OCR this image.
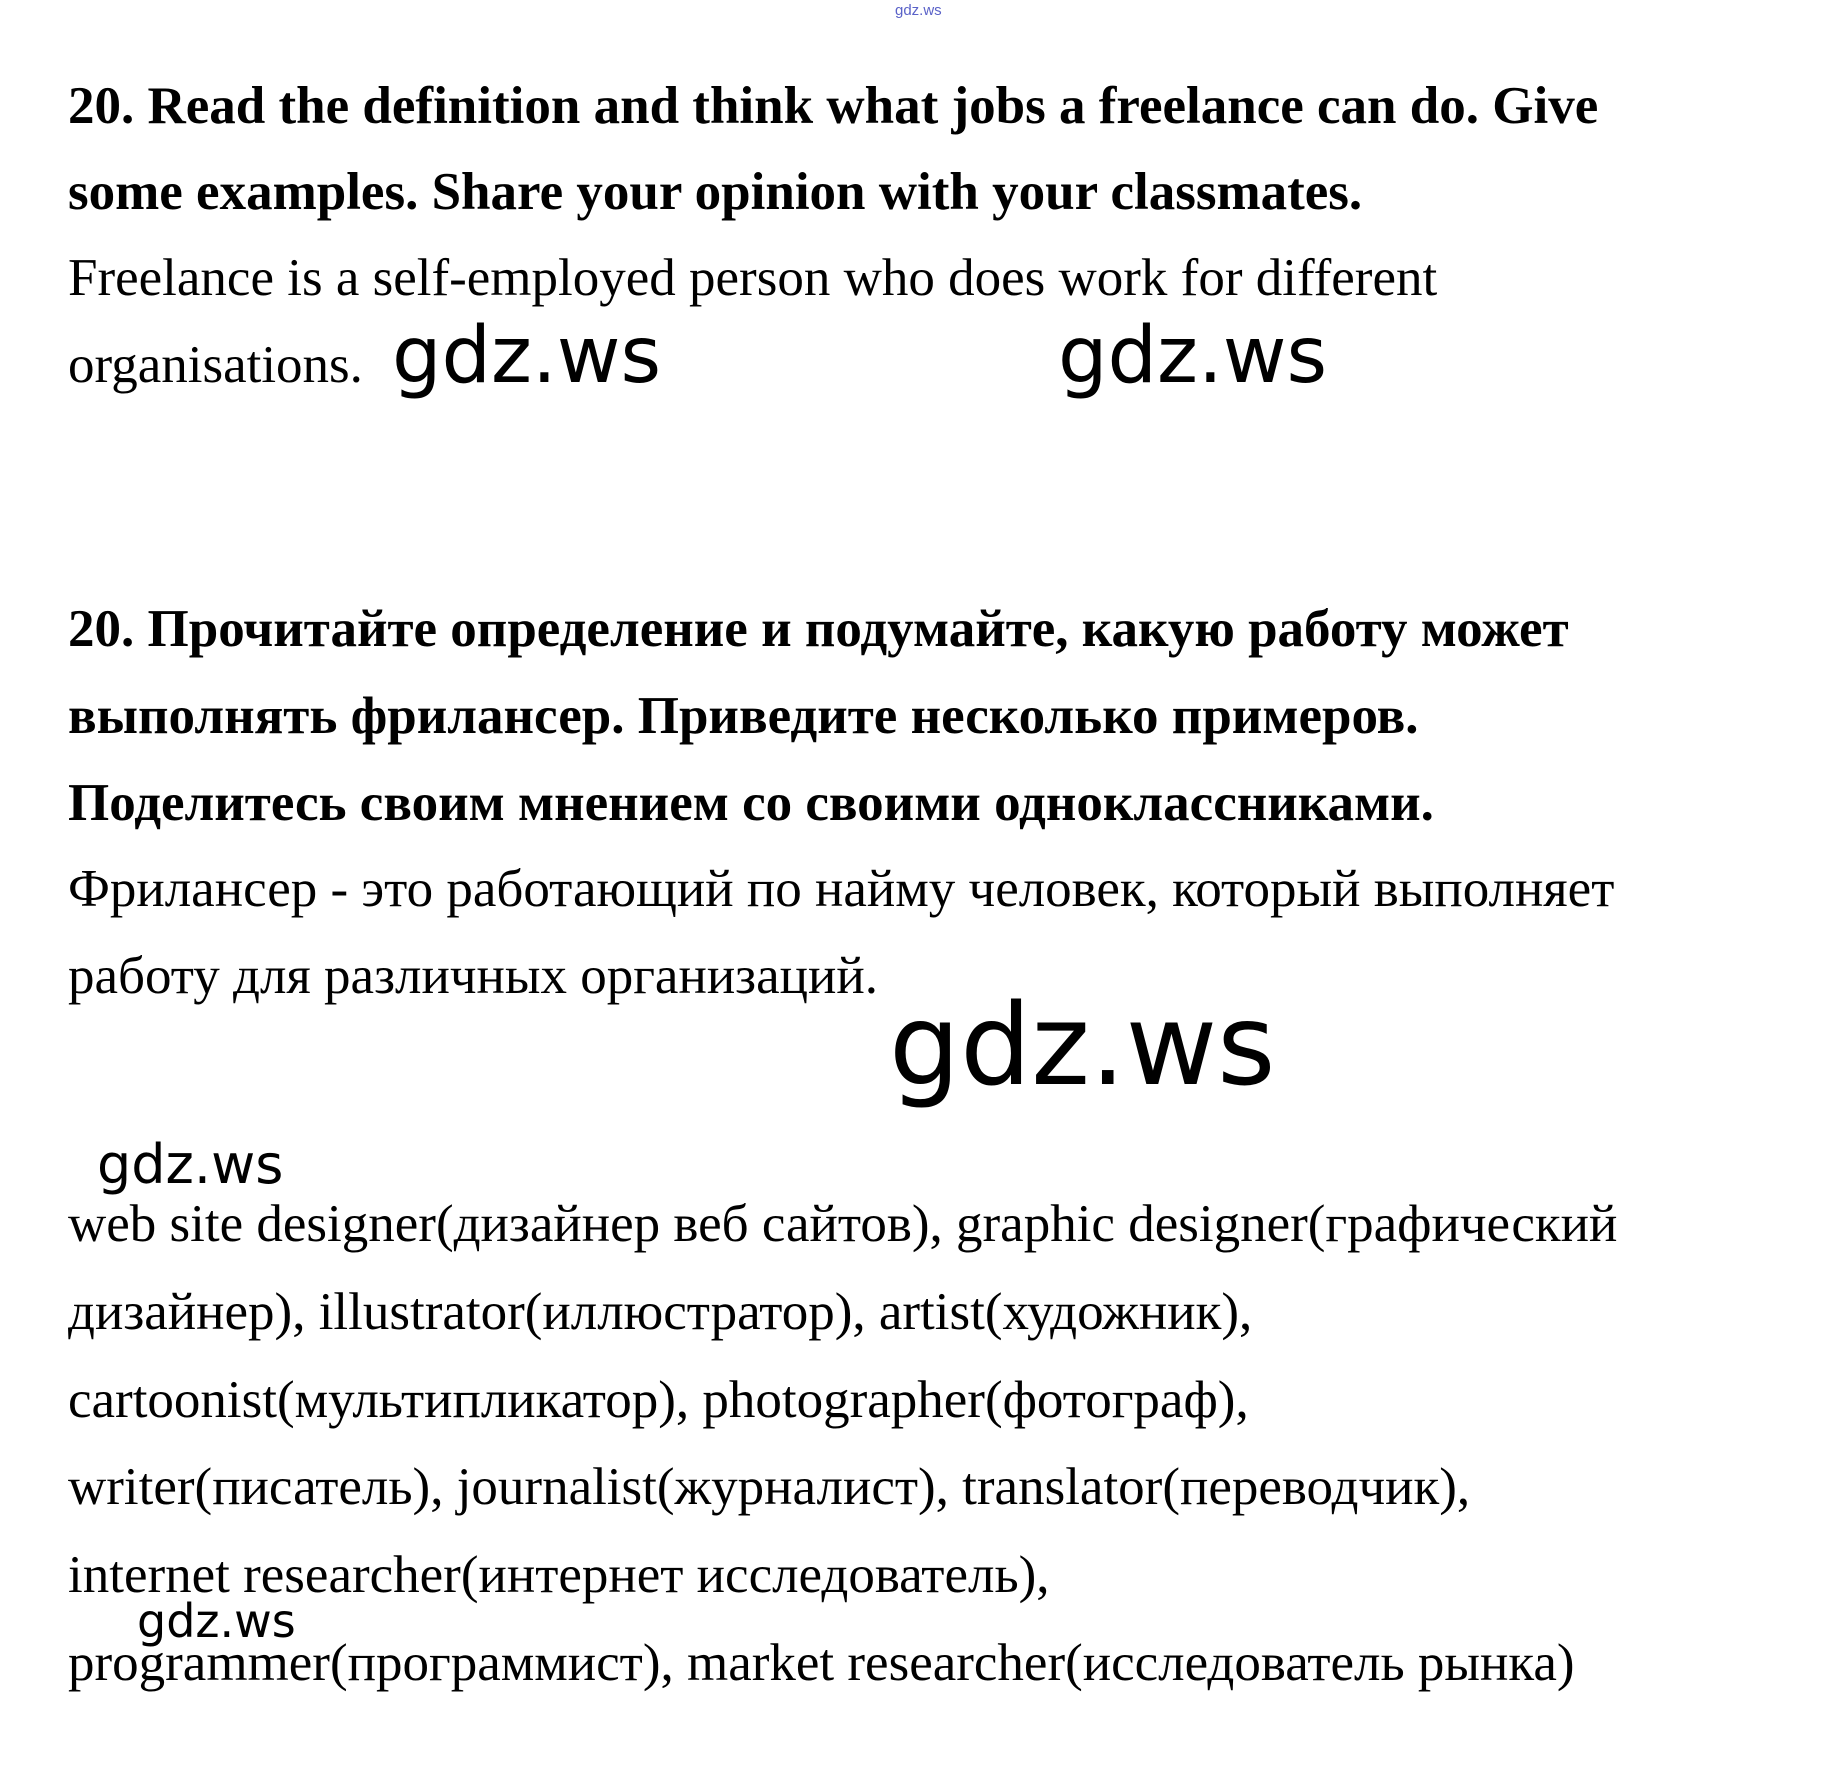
gdz.ws
20. Read the definition and think what jobs a freelance can do. Give
some examples. Share your opinion with your classmates.
Freelance is a self-employed person who does work for different
organisations. gdz.ws	gdz.ws
20. Прочитайте определение и подумайте, какую работу может
выполнять фрилансер. Приведите несколько примеров.
Поделитесь своим мнением со своими одноклассниками.
Фрилансер - это работающий по найму человек, который выполняет
работу для различных организаций.
gdz.ws
gdz.ws
web site designer(дизайнер веб сайтов), graphic designer(графический
дизайнер), illustrator(иллюстратор), artist(художник),
cartoonist(мультипликатор), photographer(фотограф),
writer(писатель), journalist(журналист), translator(переводчик),
internet researcher(интернет исследователь),
gdz.ws
programmer(программист), market researcher(исследователь рынка)
